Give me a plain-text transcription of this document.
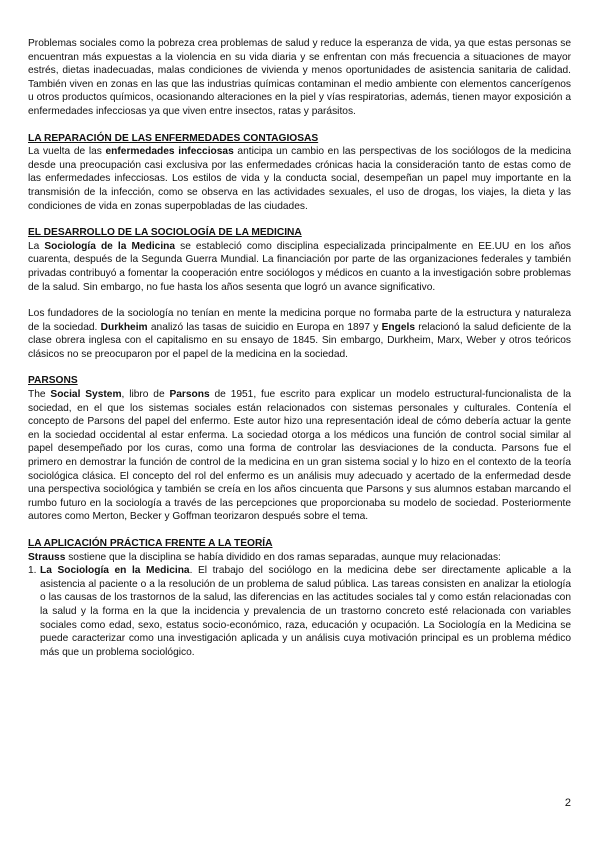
Problemas sociales como la pobreza crea problemas de salud y reduce la esperanza de vida, ya que estas personas se encuentran más expuestas a la violencia en su vida diaria y se enfrentan con más frecuencia a situaciones de mayor estrés, dietas inadecuadas, malas condiciones de vivienda y menos oportunidades de asistencia sanitaria de calidad. También viven en zonas en las que las industrias químicas contaminan el medio ambiente con elementos cancerígenos u otros productos químicos, ocasionando alteraciones en la piel y vías respiratorias, además, tienen mayor exposición a enfermedades infecciosas ya que viven entre insectos, ratas y parásitos.

LA REPARACIÓN DE LAS ENFERMEDADES CONTAGIOSAS

La vuelta de las enfermedades infecciosas anticipa un cambio en las perspectivas de los sociólogos de la medicina desde una preocupación casi exclusiva por las enfermedades crónicas hacia la consideración tanto de estas como de las enfermedades infecciosas. Los estilos de vida y la conducta social, desempeñan un papel muy importante en la transmisión de la infección, como se observa en las actividades sexuales, el uso de drogas, los viajes, la dieta y las condiciones de vida en zonas superpobladas de las ciudades.

EL DESARROLLO DE LA SOCIOLOGÍA DE LA MEDICINA

La Sociología de la Medicina se estableció como disciplina especializada principalmente en EE.UU en los años cuarenta, después de la Segunda Guerra Mundial. La financiación por parte de las organizaciones federales y también privadas contribuyó a fomentar la cooperación entre sociólogos y médicos en cuanto a la investigación sobre problemas de la salud. Sin embargo, no fue hasta los años sesenta que logró un avance significativo.

Los fundadores de la sociología no tenían en mente la medicina porque no formaba parte de la estructura y naturaleza de la sociedad. Durkheim analizó las tasas de suicidio en Europa en 1897 y Engels relacionó la salud deficiente de la clase obrera inglesa con el capitalismo en su ensayo de 1845. Sin embargo, Durkheim, Marx, Weber y otros teóricos clásicos no se preocuparon por el papel de la medicina en la sociedad.

PARSONS

The Social System, libro de Parsons de 1951, fue escrito para explicar un modelo estructural-funcionalista de la sociedad, en el que los sistemas sociales están relacionados con sistemas personales y culturales. Contenía el concepto de Parsons del papel del enfermo. Este autor hizo una representación ideal de cómo debería actuar la gente en la sociedad occidental al estar enferma. La sociedad otorga a los médicos una función de control social similar al papel desempeñado por los curas, como una forma de controlar las desviaciones de la conducta. Parsons fue el primero en demostrar la función de control de la medicina en un gran sistema social y lo hizo en el contexto de la teoría sociológica clásica. El concepto del rol del enfermo es un análisis muy adecuado y acertado de la enfermedad desde una perspectiva sociológica y también se creía en los años cincuenta que Parsons y sus alumnos estaban marcando el rumbo futuro en la sociología a través de las percepciones que proporcionaba su modelo de sociedad. Posteriormente autores como Merton, Becker y Goffman teorizaron después sobre el tema.

LA APLICACIÓN PRÁCTICA FRENTE A LA TEORÍA

Strauss sostiene que la disciplina se había dividido en dos ramas separadas, aunque muy relacionadas:

1. La Sociología en la Medicina. El trabajo del sociólogo en la medicina debe ser directamente aplicable a la asistencia al paciente o a la resolución de un problema de salud pública. Las tareas consisten en analizar la etiología o las causas de los trastornos de la salud, las diferencias en las actitudes sociales tal y como están relacionadas con la salud y la forma en la que la incidencia y prevalencia de un trastorno concreto esté relacionada con variables sociales como edad, sexo, estatus socio-económico, raza, educación y ocupación. La Sociología en la Medicina se puede caracterizar como una investigación aplicada y un análisis cuya motivación principal es un problema médico más que un problema sociológico.
2
